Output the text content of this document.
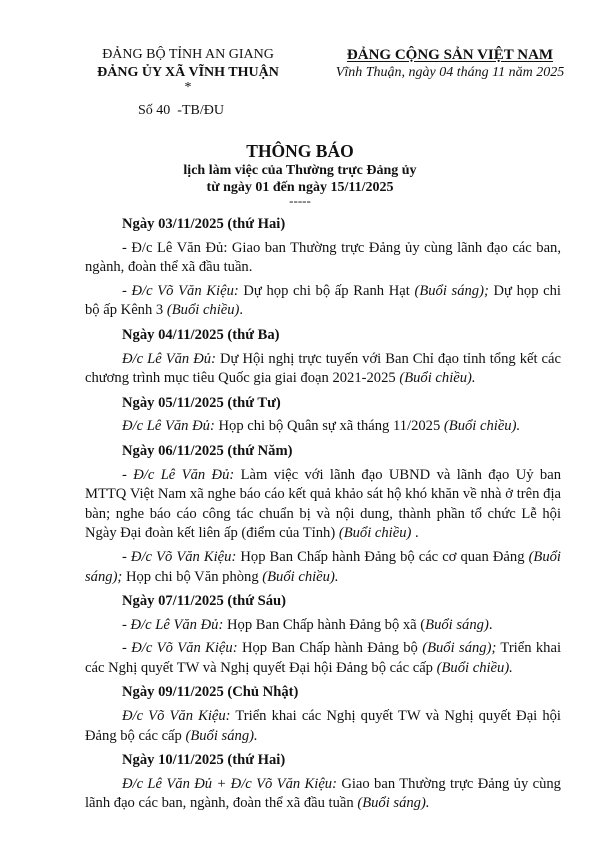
ĐẢNG BỘ TỈNH AN GIANG
ĐẢNG ỦY XÃ VĨNH THUẬN
*
Số 40  -TB/ĐU
ĐẢNG CỘNG SẢN VIỆT NAM
Vĩnh Thuận, ngày 04 tháng 11 năm 2025
THÔNG BÁO
lịch làm việc của Thường trực Đảng ủy
từ ngày 01 đến ngày 15/11/2025
-----
Ngày 03/11/2025 (thứ Hai)
- Đ/c Lê Văn Đủ: Giao ban Thường trực Đảng ủy cùng lãnh đạo các ban, ngành, đoàn thể xã đầu tuần.
- Đ/c Võ Văn Kiệu: Dự họp chi bộ ấp Ranh Hạt (Buổi sáng); Dự họp chi bộ ấp Kênh 3 (Buổi chiều).
Ngày 04/11/2025 (thứ Ba)
Đ/c Lê Văn Đủ: Dự Hội nghị trực tuyến với Ban Chỉ đạo tỉnh tổng kết các chương trình mục tiêu Quốc gia giai đoạn 2021-2025 (Buổi chiều).
Ngày 05/11/2025 (thứ Tư)
Đ/c Lê Văn Đủ: Họp chi bộ Quân sự xã tháng 11/2025 (Buổi chiều).
Ngày 06/11/2025 (thứ Năm)
- Đ/c Lê Văn Đủ: Làm việc với lãnh đạo UBND và lãnh đạo Uỷ ban MTTQ Việt Nam xã nghe báo cáo kết quả khảo sát hộ khó khăn về nhà ở trên địa bàn; nghe báo cáo công tác chuẩn bị và nội dung, thành phần tổ chức Lễ hội Ngày Đại đoàn kết liên ấp (điểm của Tỉnh) (Buổi chiều) .
- Đ/c Võ Văn Kiệu: Họp Ban Chấp hành Đảng bộ các cơ quan Đảng (Buổi sáng); Họp chi bộ Văn phòng (Buổi chiều).
Ngày 07/11/2025 (thứ Sáu)
- Đ/c Lê Văn Đủ: Họp Ban Chấp hành Đảng bộ xã (Buổi sáng).
- Đ/c Võ Văn Kiệu: Họp Ban Chấp hành Đảng bộ (Buổi sáng); Triển khai các Nghị quyết TW và Nghị quyết Đại hội Đảng bộ các cấp (Buổi chiều).
Ngày 09/11/2025 (Chủ Nhật)
Đ/c Võ Văn Kiệu: Triển khai các Nghị quyết TW và Nghị quyết Đại hội Đảng bộ các cấp (Buổi sáng).
Ngày 10/11/2025 (thứ Hai)
Đ/c Lê Văn Đủ + Đ/c Võ Văn Kiệu: Giao ban Thường trực Đảng ủy cùng lãnh đạo các ban, ngành, đoàn thể xã đầu tuần (Buổi sáng).
